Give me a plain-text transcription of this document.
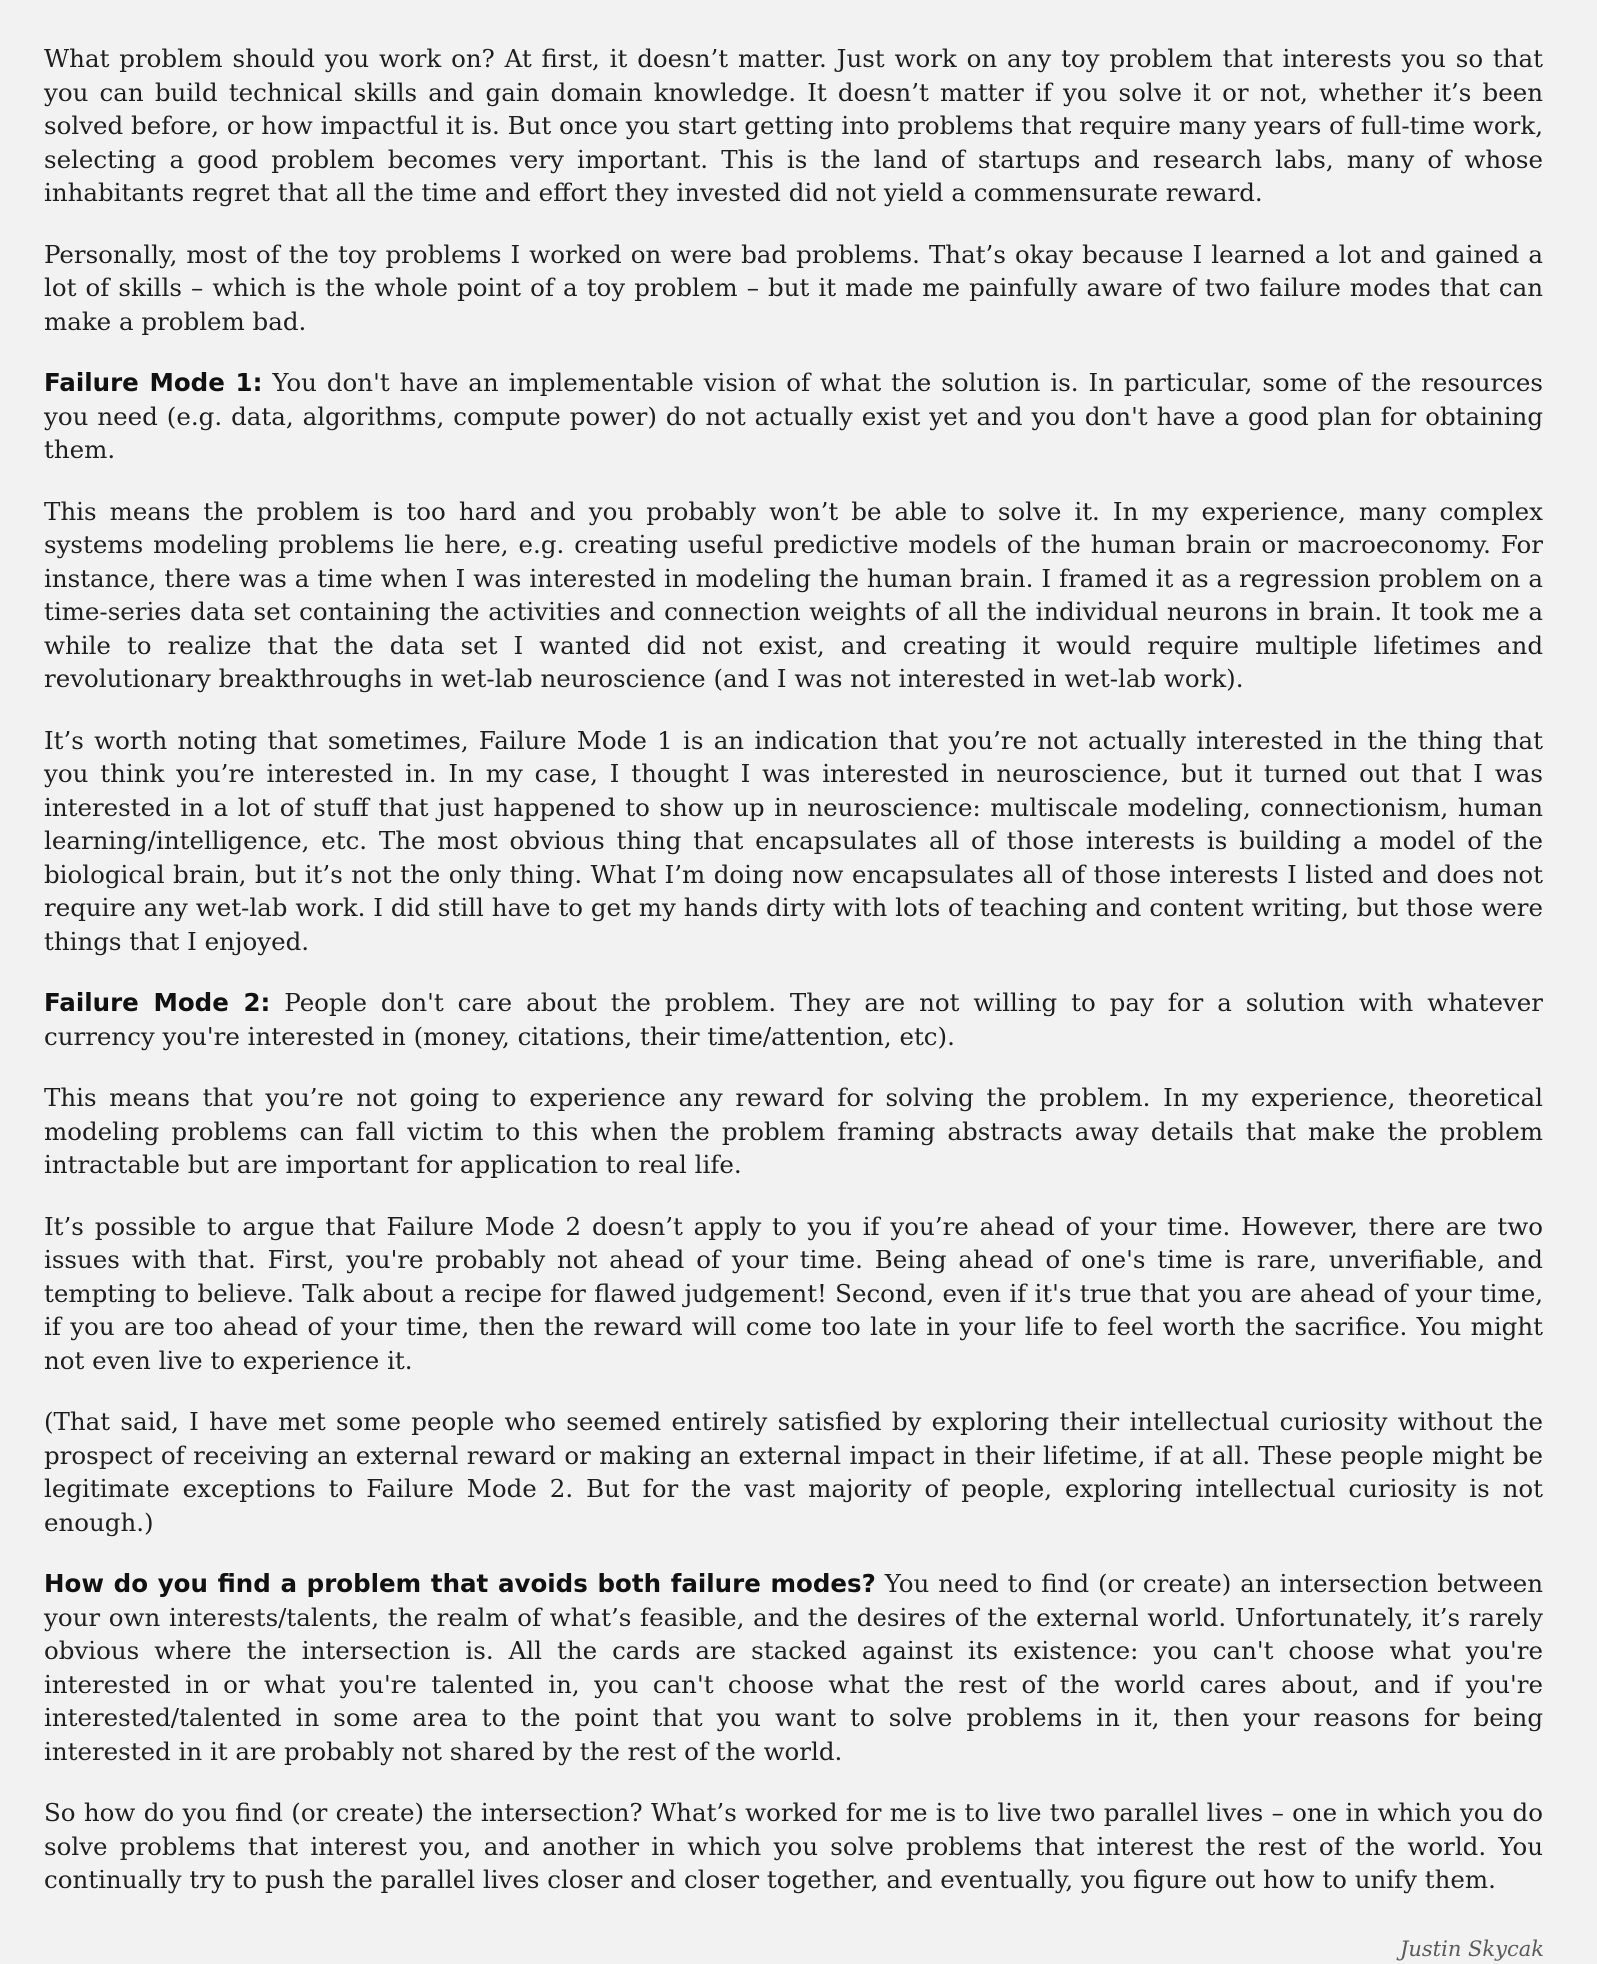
What problem should you work on? At first, it doesn’t matter. Just work on any toy problem that interests you so that you can build technical skills and gain domain knowledge. It doesn’t matter if you solve it or not, whether it’s been solved before, or how impactful it is. But once you start getting into problems that require many years of full-time work, selecting a good problem becomes very important. This is the land of startups and research labs, many of whose inhabitants regret that all the time and effort they invested did not yield a commensurate reward.

Personally, most of the toy problems I worked on were bad problems. That’s okay because I learned a lot and gained a lot of skills – which is the whole point of a toy problem – but it made me painfully aware of two failure modes that can make a problem bad.

Failure Mode 1: You don't have an implementable vision of what the solution is. In particular, some of the resources you need (e.g. data, algorithms, compute power) do not actually exist yet and you don't have a good plan for obtaining them.

This means the problem is too hard and you probably won’t be able to solve it. In my experience, many complex systems modeling problems lie here, e.g. creating useful predictive models of the human brain or macroeconomy. For instance, there was a time when I was interested in modeling the human brain. I framed it as a regression problem on a time-series data set containing the activities and connection weights of all the individual neurons in brain. It took me a while to realize that the data set I wanted did not exist, and creating it would require multiple lifetimes and revolutionary breakthroughs in wet-lab neuroscience (and I was not interested in wet-lab work).

It’s worth noting that sometimes, Failure Mode 1 is an indication that you’re not actually interested in the thing that you think you’re interested in. In my case, I thought I was interested in neuroscience, but it turned out that I was interested in a lot of stuff that just happened to show up in neuroscience: multiscale modeling, connectionism, human learning/intelligence, etc. The most obvious thing that encapsulates all of those interests is building a model of the biological brain, but it’s not the only thing. What I’m doing now encapsulates all of those interests I listed and does not require any wet-lab work. I did still have to get my hands dirty with lots of teaching and content writing, but those were things that I enjoyed.

Failure Mode 2: People don't care about the problem. They are not willing to pay for a solution with whatever currency you're interested in (money, citations, their time/attention, etc).

This means that you’re not going to experience any reward for solving the problem. In my experience, theoretical modeling problems can fall victim to this when the problem framing abstracts away details that make the problem intractable but are important for application to real life.

It’s possible to argue that Failure Mode 2 doesn’t apply to you if you’re ahead of your time. However, there are two issues with that. First, you're probably not ahead of your time. Being ahead of one's time is rare, unverifiable, and tempting to believe. Talk about a recipe for flawed judgement! Second, even if it's true that you are ahead of your time, if you are too ahead of your time, then the reward will come too late in your life to feel worth the sacrifice. You might not even live to experience it.

(That said, I have met some people who seemed entirely satisfied by exploring their intellectual curiosity without the prospect of receiving an external reward or making an external impact in their lifetime, if at all. These people might be legitimate exceptions to Failure Mode 2. But for the vast majority of people, exploring intellectual curiosity is not enough.)

How do you find a problem that avoids both failure modes? You need to find (or create) an intersection between your own interests/talents, the realm of what’s feasible, and the desires of the external world. Unfortunately, it’s rarely obvious where the intersection is. All the cards are stacked against its existence: you can't choose what you're interested in or what you're talented in, you can't choose what the rest of the world cares about, and if you're interested/talented in some area to the point that you want to solve problems in it, then your reasons for being interested in it are probably not shared by the rest of the world.

So how do you find (or create) the intersection? What’s worked for me is to live two parallel lives – one in which you do solve problems that interest you, and another in which you solve problems that interest the rest of the world. You continually try to push the parallel lives closer and closer together, and eventually, you figure out how to unify them.

Justin Skycak
